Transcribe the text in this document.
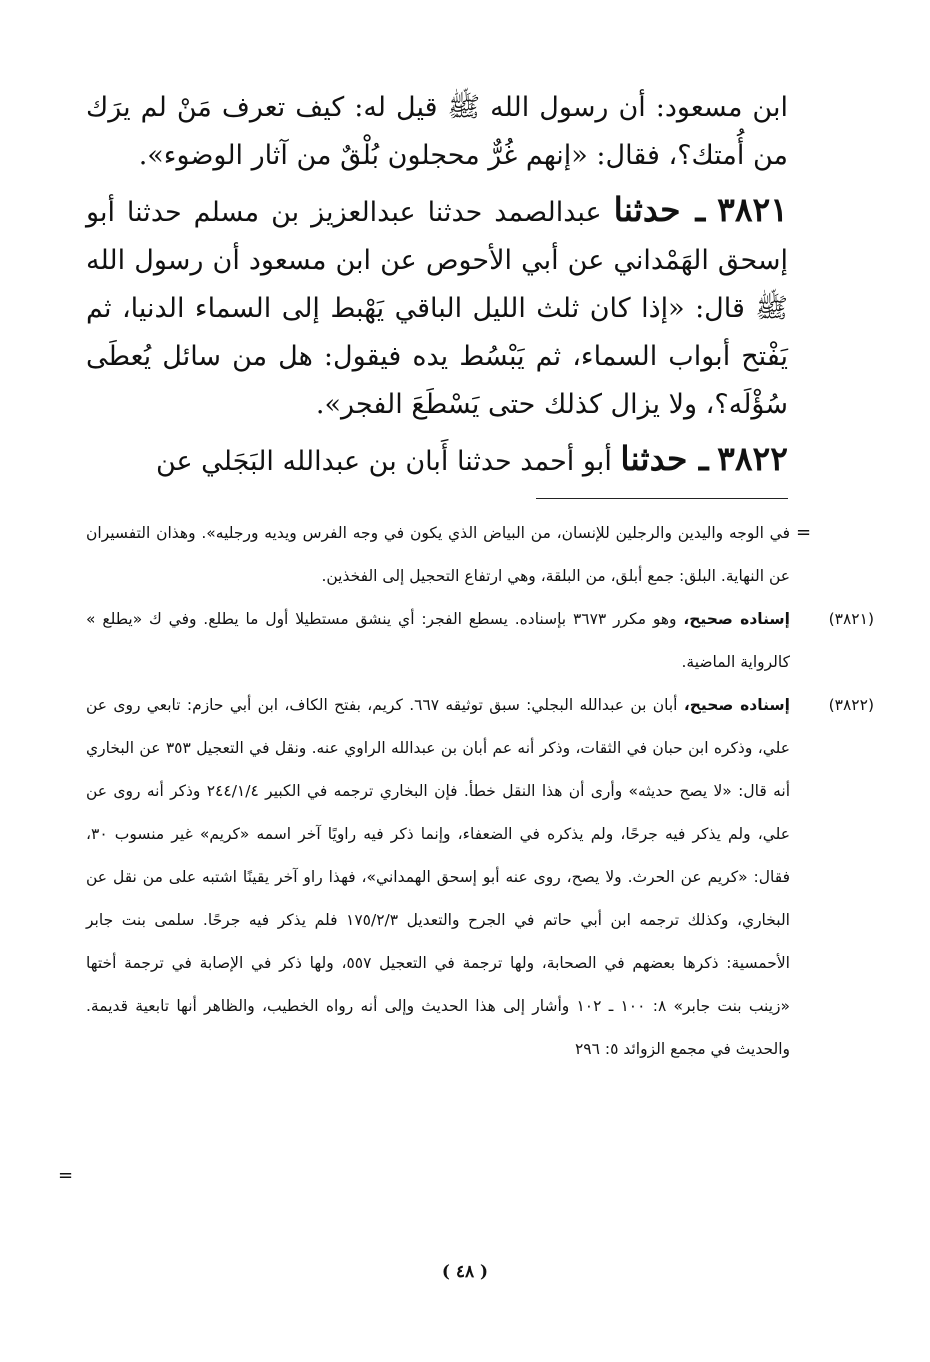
ابن مسعود: أن رسول الله ﷺ قيل له: كيف تعرف مَنْ لم يرَك من أُمتك؟، فقال: «إنهم غُرٌّ محجلون بُلْقٌ من آثار الوضوء».

٣٨٢١ ـ حدثنا عبدالصمد حدثنا عبدالعزيز بن مسلم حدثنا أبو إسحق الهَمْداني عن أبي الأحوص عن ابن مسعود أن رسول الله ﷺ قال: «إذا كان ثلث الليل الباقي يَهْبط إلى السماء الدنيا، ثم يَفْتح أبواب السماء، ثم يَبْسُط يده فيقول: هل من سائل يُعطَى سُؤْلَه؟، ولا يزال كذلك حتى يَسْطَعَ الفجر».

٣٨٢٢ ـ حدثنا أبو أحمد حدثنا أَبان بن عبدالله البَجَلي عن

=

في الوجه واليدين والرجلين للإنسان، من البياض الذي يكون في وجه الفرس ويديه ورجليه». وهذان التفسيران عن النهاية. البلق: جمع أبلق، من البلقة، وهي ارتفاع التحجيل إلى الفخذين.

(٣٨٢١)
إسناده صحيح، وهو مكرر ٣٦٧٣ بإسناده. يسطع الفجر: أي ينشق مستطيلا أول ما يطلع. وفي ك «يطلع » كالرواية الماضية.

(٣٨٢٢)
إسناده صحيح، أبان بن عبدالله البجلي: سبق توثيقه ٦٦٧. كريم، بفتح الكاف، ابن أبي حازم: تابعي روى عن علي، وذكره ابن حبان في الثقات، وذكر أنه عم أبان بن عبدالله الراوي عنه. ونقل في التعجيل ٣٥٣ عن البخاري أنه قال: «لا يصح حديثه» وأرى أن هذا النقل خطأ. فإن البخاري ترجمه في الكبير ٢٤٤/١/٤ وذكر أنه روى عن علي، ولم يذكر فيه جرحًا، ولم يذكره في الضعفاء، وإنما ذكر فيه راويًا آخر اسمه «كريم» غير منسوب ٣٠، فقال: «كريم عن الحرث. ولا يصح، روى عنه أبو إسحق الهمداني»، فهذا راو آخر يقينًا اشتبه على من نقل عن البخاري، وكذلك ترجمه ابن أبي حاتم في الجرح والتعديل ١٧٥/٢/٣ فلم يذكر فيه جرحًا. سلمى بنت جابر الأحمسية: ذكرها بعضهم في الصحابة، ولها ترجمة في التعجيل ٥٥٧، ولها ذكر في الإصابة في ترجمة أختها «زينب بنت جابر» ٨: ١٠٠ ـ ١٠٢ وأشار إلى هذا الحديث وإلى أنه رواه الخطيب، والظاهر أنها تابعية قديمة. والحديث في مجمع الزوائد ٥: ٢٩٦

=
( ٤٨ )
